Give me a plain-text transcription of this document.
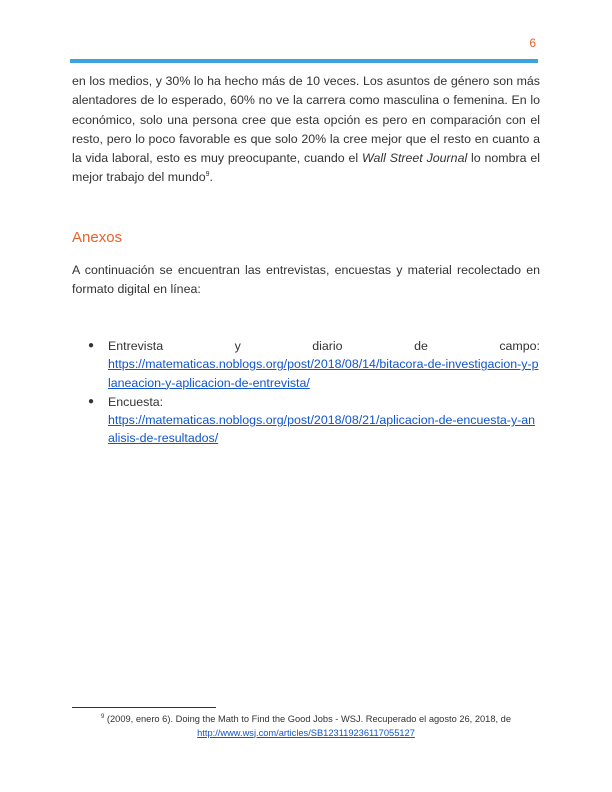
6

en los medios, y 30% lo ha hecho más de 10 veces. Los asuntos de género son más alentadores de lo esperado, 60% no ve la carrera como masculina o femenina. En lo económico, solo una persona cree que esta opción es pero en comparación con el resto, pero lo poco favorable es que solo 20% la cree mejor que el resto en cuanto a la vida laboral, esto es muy preocupante, cuando el Wall Street Journal lo nombra el mejor trabajo del mundo$^9$.

Anexos

A continuación se encuentran las entrevistas, encuestas y material recolectado en formato digital en línea:

● Entrevista	y	diario	de	campo:
https://matematicas.noblogs.org/post/2018/08/14/bitacora-de-investigacion-y-planeacion-y-aplicacion-de-entrevista/
● Encuesta:
https://matematicas.noblogs.org/post/2018/08/21/aplicacion-de-encuesta-y-analisis-de-resultados/
$^9$ (2009, enero 6). Doing the Math to Find the Good Jobs - WSJ. Recuperado el agosto 26, 2018, de
http://www.wsj.com/articles/SB123119236117055127
